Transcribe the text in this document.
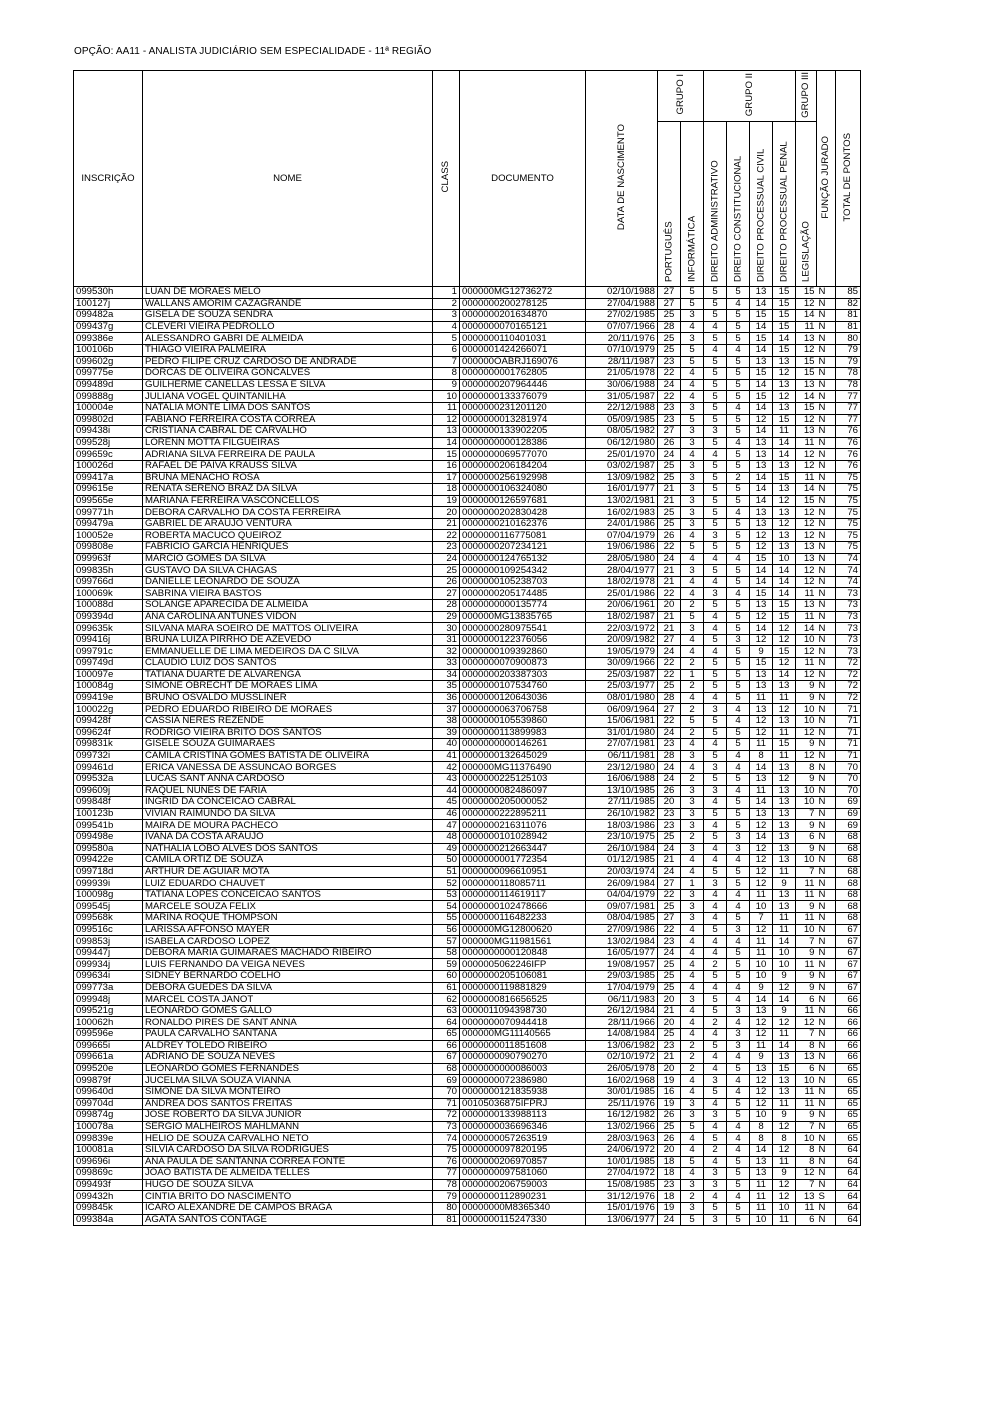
OPÇÃO: AA11 - ANALISTA JUDICIÁRIO SEM ESPECIALIDADE - 11ª REGIÃO
INSCRIÇÃO	NOME	CLASS	DOCUMENTO	DATA DE NASCIMENTO	GRUPO I		GRUPO II				GRUPO III	FUNÇÃO JURADO	TOTAL DE PONTOS
					PORTUGUÊS	INFORMÁTICA	DIREITO ADMINISTRATIVO	DIREITO CONSTITUCIONAL	DIREITO PROCESSUAL CIVIL	DIREITO PROCESSUAL PENAL	LEGISLAÇÃO		
099530h	LUAN DE MORAES MELO	1	000000MG12736272	02/10/1988	27	5	5	5	13	15	15	N	85
100127j	WALLANS AMORIM CAZAGRANDE	2	0000000200278125	27/04/1988	27	5	5	4	14	15	12	N	82
099482a	GISELA DE SOUZA SENDRA	3	0000000201634870	27/02/1985	25	3	5	5	15	15	14	N	81
099437g	CLEVERI VIEIRA PEDROLLO	4	0000000070165121	07/07/1966	28	4	4	5	14	15	11	N	81
099386e	ALESSANDRO GABRI DE ALMEIDA	5	0000000110401031	20/11/1976	25	3	5	5	15	14	13	N	80
100106b	THIAGO VIEIRA PALMEIRA	6	0000001424266071	07/10/1979	25	5	4	4	14	15	12	N	79
099602g	PEDRO FILIPE CRUZ CARDOSO DE ANDRADE	7	000000OABRJ169076	28/11/1987	23	5	5	5	13	13	15	N	79
099775e	DORCAS DE OLIVEIRA GONCALVES	8	0000000001762805	21/05/1978	22	4	5	5	15	12	15	N	78
099489d	GUILHERME CANELLAS LESSA E SILVA	9	0000000207964446	30/06/1988	24	4	5	5	14	13	13	N	78
099888g	JULIANA VOGEL QUINTANILHA	10	0000000133376079	31/05/1987	22	4	5	5	15	12	14	N	77
100004e	NATALIA MONTE LIMA DOS SANTOS	11	0000000231201120	22/12/1988	23	3	5	4	14	13	15	N	77
099802d	FABIANO FERREIRA COSTA CORREA	12	0000000013281974	05/09/1985	23	5	5	5	12	15	12	N	77
099438i	CRISTIANA CABRAL DE CARVALHO	13	0000000133902205	08/05/1982	27	3	3	5	14	11	13	N	76
099528j	LORENN MOTTA FILGUEIRAS	14	0000000000128386	06/12/1980	26	3	5	4	13	14	11	N	76
099659c	ADRIANA SILVA FERREIRA DE PAULA	15	0000000069577070	25/01/1970	24	4	4	5	13	14	12	N	76
100026d	RAFAEL DE PAIVA KRAUSS SILVA	16	0000000206184204	03/02/1987	25	3	5	5	13	13	12	N	76
099417a	BRUNA MENACHO ROSA	17	0000000256192998	13/09/1982	25	3	5	2	14	15	11	N	75
099615e	RENATA SERENO BRAZ DA SILVA	18	0000000106324080	16/01/1977	21	3	5	5	14	13	14	N	75
099565e	MARIANA FERREIRA VASCONCELLOS	19	0000000126597681	13/02/1981	21	3	5	5	14	12	15	N	75
099771h	DEBORA CARVALHO DA COSTA FERREIRA	20	0000000202830428	16/02/1983	25	3	5	4	13	13	12	N	75
099479a	GABRIEL DE ARAUJO VENTURA	21	0000000210162376	24/01/1986	25	3	5	5	13	12	12	N	75
100052e	ROBERTA MACUCO QUEIROZ	22	0000000116775081	07/04/1979	26	4	3	5	12	13	12	N	75
099808e	FABRICIO GARCIA HENRIQUES	23	0000000207234121	19/06/1986	22	5	5	5	12	13	13	N	75
099963f	MARCIO GOMES DA SILVA	24	0000000124765132	28/05/1980	24	4	4	4	15	10	13	N	74
099835h	GUSTAVO DA SILVA CHAGAS	25	0000000109254342	28/04/1977	21	3	5	5	14	14	12	N	74
099766d	DANIELLE LEONARDO DE SOUZA	26	0000000105238703	18/02/1978	21	4	4	5	14	14	12	N	74
100069k	SABRINA VIEIRA BASTOS	27	0000000205174485	25/01/1986	22	4	3	4	15	14	11	N	73
100088d	SOLANGE APARECIDA DE ALMEIDA	28	0000000000135774	20/06/1961	20	2	5	5	13	15	13	N	73
099394d	ANA CAROLINA ANTUNES VIDON	29	000000MG13835765	18/02/1987	21	5	4	5	12	15	11	N	73
099635k	SILVANA MARA SOEIRO DE MATTOS OLIVEIRA	30	0000000280975541	22/03/1972	21	3	4	5	14	12	14	N	73
099416j	BRUNA LUIZA PIRRHO DE AZEVEDO	31	0000000122376056	20/09/1982	27	4	5	3	12	12	10	N	73
099791c	EMMANUELLE DE LIMA MEDEIROS DA C SILVA	32	0000000109392860	19/05/1979	24	4	4	5	9	15	12	N	73
099749d	CLAUDIO LUIZ DOS SANTOS	33	0000000070900873	30/09/1966	22	2	5	5	15	12	11	N	72
100097e	TATIANA DUARTE DE ALVARENGA	34	0000000203387303	25/03/1987	22	1	5	5	13	14	12	N	72
100084g	SIMONE OBRECHT DE MORAES LIMA	35	0000000107534760	25/03/1977	25	2	5	5	13	13	9	N	72
099419e	BRUNO OSVALDO MUSSLINER	36	0000000120643036	08/01/1980	28	4	4	5	11	11	9	N	72
100022g	PEDRO EDUARDO RIBEIRO DE MORAES	37	0000000063706758	06/09/1964	27	2	3	4	13	12	10	N	71
099428f	CASSIA NERES REZENDE	38	0000000105539860	15/06/1981	22	5	5	4	12	13	10	N	71
099624f	RODRIGO VIEIRA BRITO DOS SANTOS	39	0000000113899983	31/01/1980	24	2	5	5	12	11	12	N	71
099831k	GISELE SOUZA GUIMARAES	40	0000000000146261	27/07/1981	23	4	4	5	11	15	9	N	71
099732i	CAMILA CRISTINA GOMES BATISTA DE OLIVEIRA	41	0000000132645029	06/11/1981	28	3	5	4	8	11	12	N	71
099461d	ERICA VANESSA DE ASSUNCAO BORGES	42	000000MG11376490	23/12/1980	24	4	3	4	14	13	8	N	70
099532a	LUCAS SANT ANNA CARDOSO	43	0000000225125103	16/06/1988	24	2	5	5	13	12	9	N	70
099609j	RAQUEL NUNES DE FARIA	44	0000000082486097	13/10/1985	26	3	3	4	11	13	10	N	70
099848f	INGRID DA CONCEICAO CABRAL	45	0000000205000052	27/11/1985	20	3	4	5	14	13	10	N	69
100123b	VIVIAN RAIMUNDO DA SILVA	46	0000000222895211	26/10/1982	23	3	5	5	13	13	7	N	69
099541b	MAIRA DE MOURA PACHECO	47	0000000216311076	18/03/1986	23	3	4	5	12	13	9	N	69
099498e	IVANA DA COSTA ARAUJO	48	0000000101028942	23/10/1975	25	2	5	3	14	13	6	N	68
099580a	NATHALIA LOBO ALVES DOS SANTOS	49	0000000212663447	26/10/1984	24	3	4	3	12	13	9	N	68
099422e	CAMILA ORTIZ DE SOUZA	50	0000000001772354	01/12/1985	21	4	4	4	12	13	10	N	68
099718d	ARTHUR DE AGUIAR MOTA	51	0000000096610951	20/03/1974	24	4	5	5	12	11	7	N	68
099939i	LUIZ EDUARDO CHAUVET	52	0000000118085711	26/09/1984	27	1	3	5	12	9	11	N	68
100098g	TATIANA LOPES CONCEICAO SANTOS	53	0000000114619117	04/04/1979	22	3	4	4	11	13	11	N	68
099545j	MARCELE SOUZA FELIX	54	0000000102478666	09/07/1981	25	3	4	4	10	13	9	N	68
099568k	MARINA ROQUE THOMPSON	55	0000000116482233	08/04/1985	27	3	4	5	7	11	11	N	68
099516c	LARISSA AFFONSO MAYER	56	000000MG12800620	27/09/1986	22	4	5	3	12	11	10	N	67
099853j	ISABELA CARDOSO LOPEZ	57	000000MG11981561	13/02/1984	23	4	4	4	11	14	7	N	67
099447j	DEBORA MARIA GUIMARAES MACHADO RIBEIRO	58	0000000000120848	16/05/1977	24	4	4	5	11	10	9	N	67
099934j	LUIS FERNANDO DA VEIGA NEVES	59	0000005062246IFP	19/08/1957	25	4	2	5	10	10	11	N	67
099634i	SIDNEY BERNARDO COELHO	60	0000000205106081	29/03/1985	25	4	5	5	10	9	9	N	67
099773a	DEBORA GUEDES DA SILVA	61	0000000119881829	17/04/1979	25	4	4	4	9	12	9	N	67
099948j	MARCEL COSTA JANOT	62	0000000816656525	06/11/1983	20	3	5	4	14	14	6	N	66
099521g	LEONARDO GOMES GALLO	63	0000011094398730	26/12/1984	21	4	5	3	13	9	11	N	66
100062h	RONALDO PIRES DE SANT ANNA	64	0000000070944418	28/11/1966	20	4	2	4	12	12	12	N	66
099596e	PAULA CARVALHO SANTANA	65	000000MG11140565	14/08/1984	25	4	4	3	12	11	7	N	66
099665i	ALDREY TOLEDO RIBEIRO	66	0000000011851608	13/06/1982	23	2	5	3	11	14	8	N	66
099661a	ADRIANO DE SOUZA NEVES	67	0000000090790270	02/10/1972	21	2	4	4	9	13	13	N	66
099520e	LEONARDO GOMES FERNANDES	68	0000000000086003	26/05/1978	20	2	4	5	13	15	6	N	65
099879f	JUCELMA SILVA SOUZA VIANNA	69	0000000072386980	16/02/1968	19	4	3	4	12	13	10	N	65
099640d	SIMONE DA SILVA MONTEIRO	70	0000000121835938	30/01/1985	16	4	5	4	12	13	11	N	65
099704d	ANDREA DOS SANTOS FREITAS	71	00105036875IFPRJ	25/11/1976	19	3	4	5	12	11	11	N	65
099874g	JOSE ROBERTO DA SILVA JUNIOR	72	0000000133988113	16/12/1982	26	3	3	5	10	9	9	N	65
100078a	SERGIO MALHEIROS MAHLMANN	73	0000000036696346	13/02/1966	25	5	4	4	8	12	7	N	65
099839e	HELIO DE SOUZA CARVALHO NETO	74	0000000057263519	28/03/1963	26	4	5	4	8	8	10	N	65
100081a	SILVIA CARDOSO DA SILVA RODRIGUES	75	0000000097820195	24/06/1972	20	4	2	4	14	12	8	N	64
099696i	ANA PAULA DE SANTANNA CORREA FONTE	76	0000000206970857	10/01/1985	18	5	4	5	13	11	8	N	64
099869c	JOAO BATISTA DE ALMEIDA TELLES	77	0000000097581060	27/04/1972	18	4	3	5	13	9	12	N	64
099493f	HUGO DE SOUZA SILVA	78	0000000206759003	15/08/1985	23	3	3	5	11	12	7	N	64
099432h	CINTIA BRITO DO NASCIMENTO	79	0000000112890231	31/12/1976	18	2	4	4	11	12	13	S	64
099845k	ICARO ALEXANDRE DE CAMPOS BRAGA	80	00000000M8365340	15/01/1976	19	3	5	5	11	10	11	N	64
099384a	AGATA SANTOS CONTAGE	81	0000000115247330	13/06/1977	24	5	3	5	10	11	6	N	64
